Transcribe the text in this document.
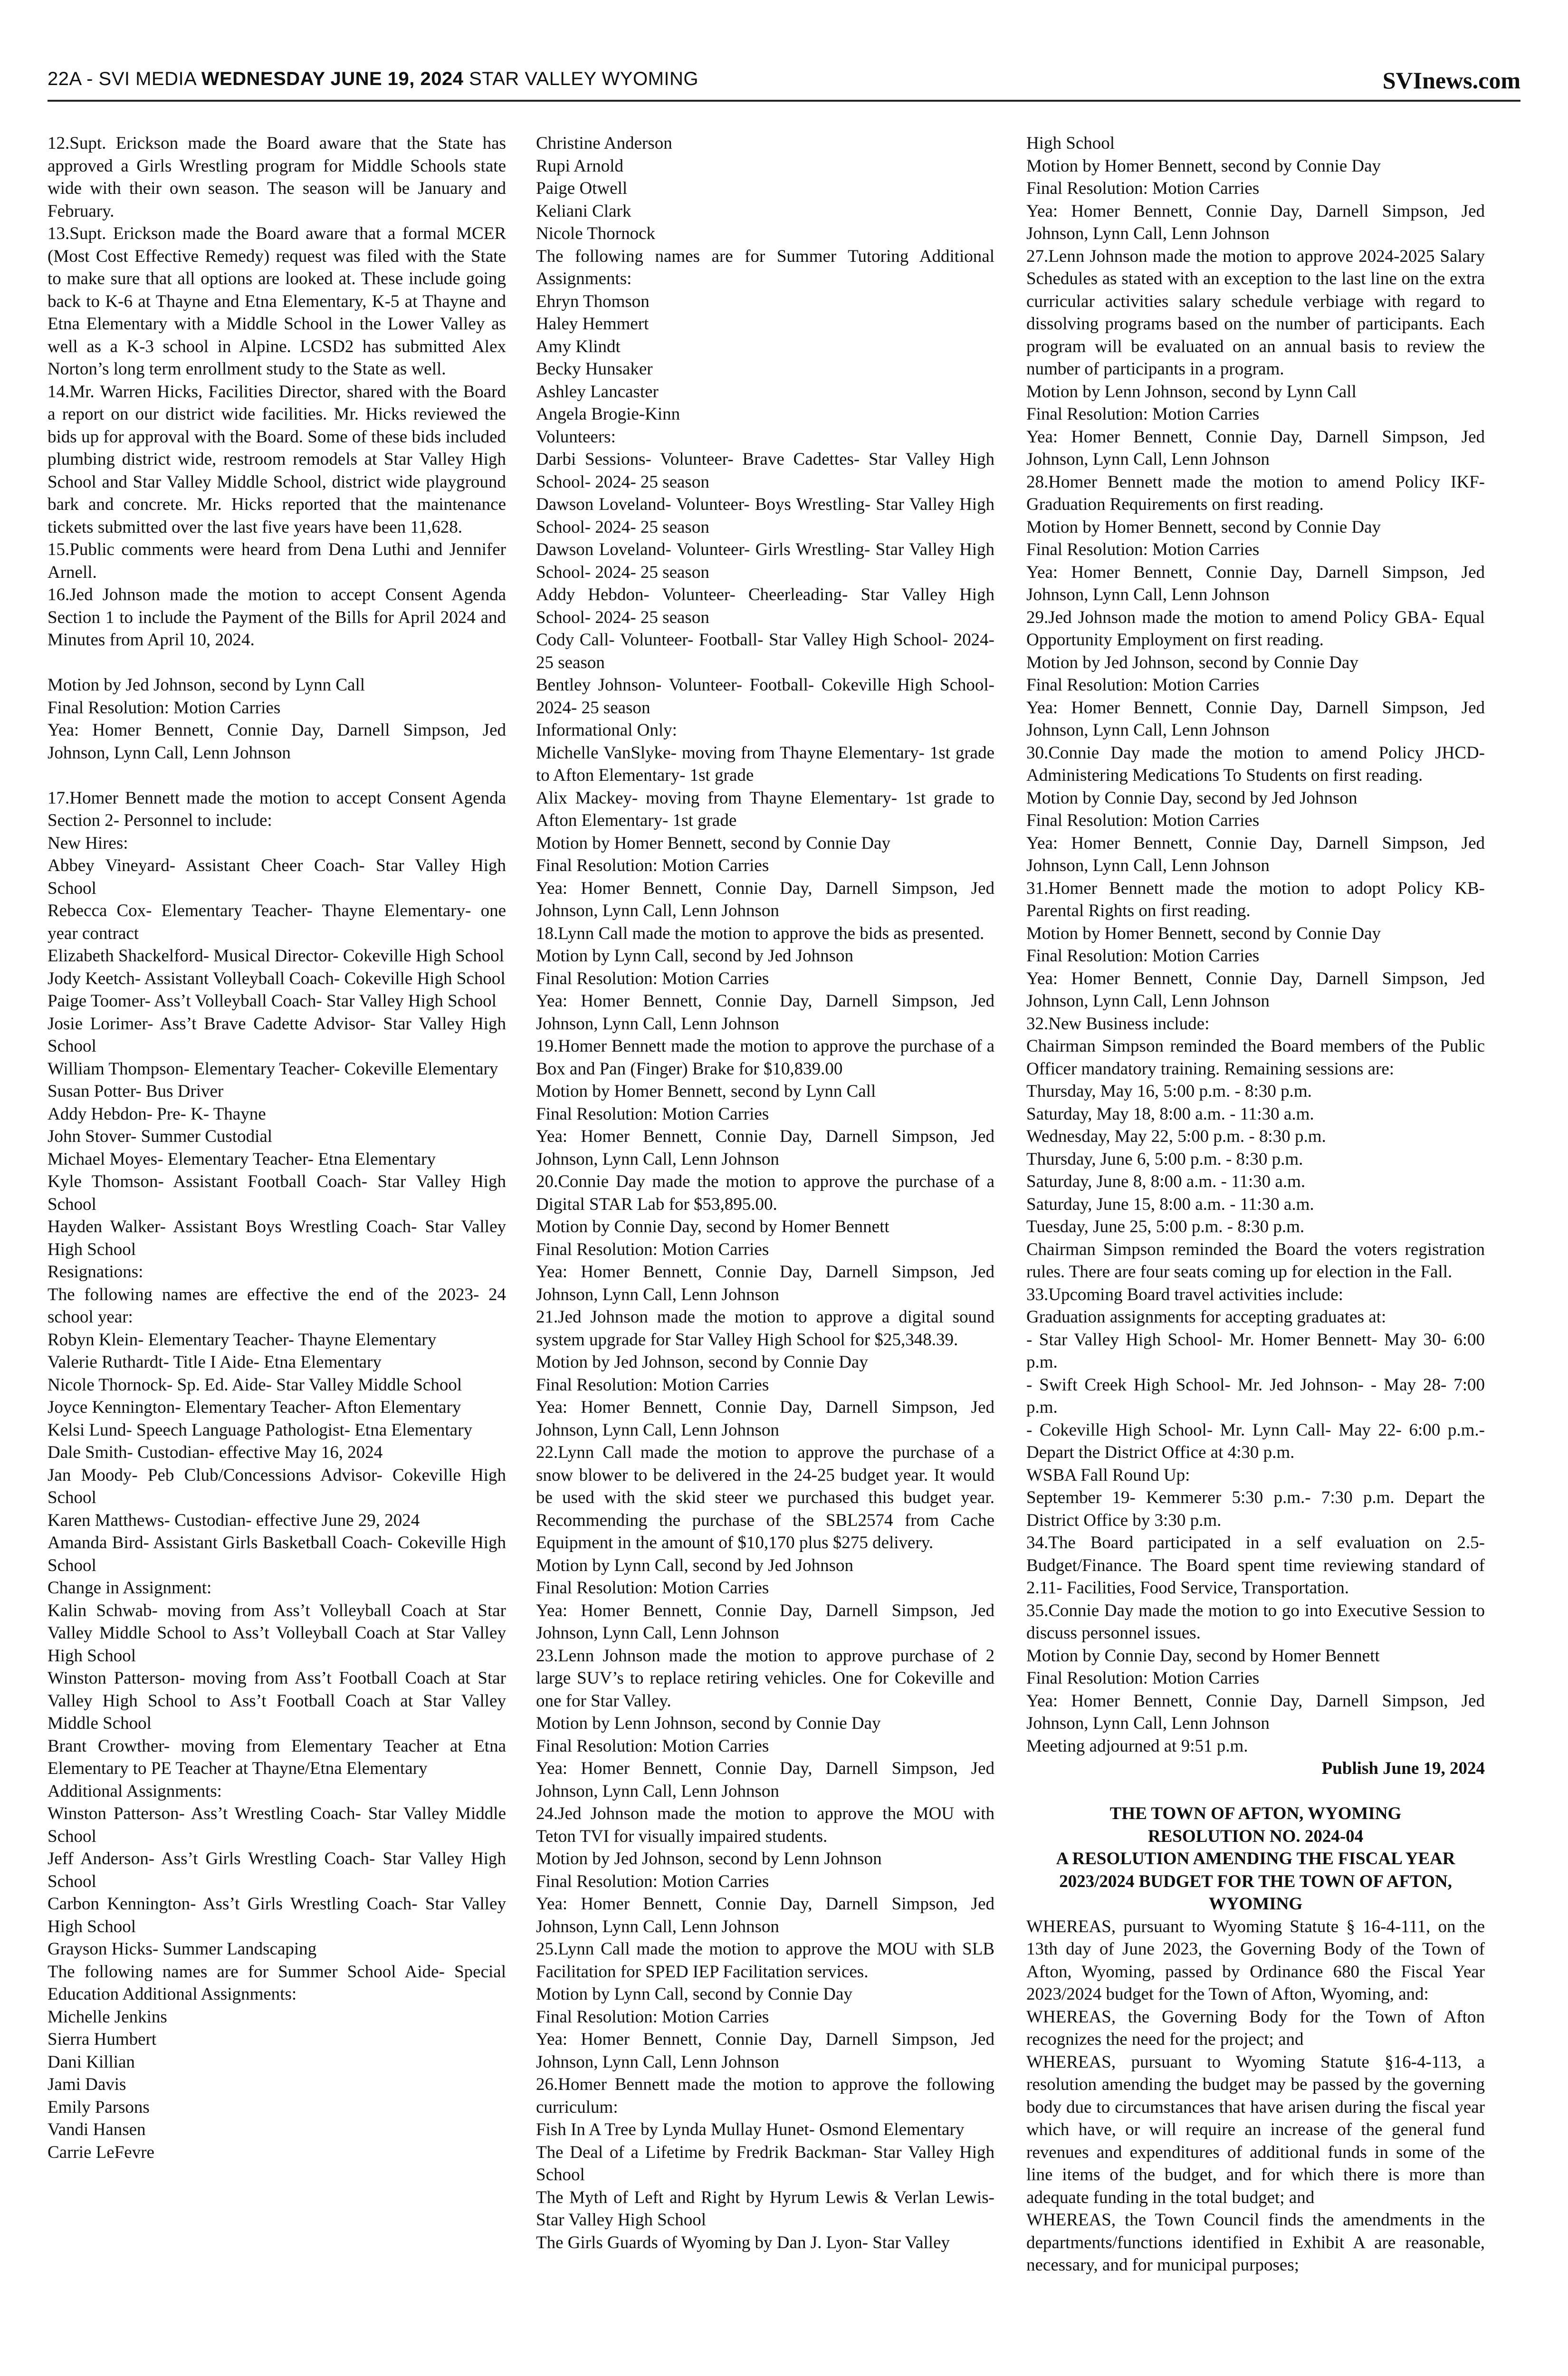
22A - SVI MEDIA WEDNESDAY JUNE 19, 2024 STAR VALLEY WYOMING	SVInews.com

12.Supt. Erickson made the Board aware that the State has approved a Girls Wrestling program for Middle Schools state wide with their own season. The season will be January and February.

13.Supt. Erickson made the Board aware that a formal MCER (Most Cost Effective Remedy) request was filed with the State to make sure that all options are looked at. These include going back to K-6 at Thayne and Etna Elementary, K-5 at Thayne and Etna Elementary with a Middle School in the Lower Valley as well as a K-3 school in Alpine. LCSD2 has submitted Alex Norton’s long term enrollment study to the State as well.

14.Mr. Warren Hicks, Facilities Director, shared with the Board a report on our district wide facilities. Mr. Hicks reviewed the bids up for approval with the Board. Some of these bids included plumbing district wide, restroom remodels at Star Valley High School and Star Valley Middle School, district wide playground bark and concrete. Mr. Hicks reported that the maintenance tickets submitted over the last five years have been 11,628.

15.Public comments were heard from Dena Luthi and Jennifer Arnell.

16.Jed Johnson made the motion to accept Consent Agenda Section 1 to include the Payment of the Bills for April 2024 and Minutes from April 10, 2024.

Motion by Jed Johnson, second by Lynn Call

Final Resolution: Motion Carries

Yea: Homer Bennett, Connie Day, Darnell Simpson, Jed Johnson, Lynn Call, Lenn Johnson

17.Homer Bennett made the motion to accept Consent Agenda Section 2- Personnel to include:

New Hires:

Abbey Vineyard- Assistant Cheer Coach- Star Valley High School

Rebecca Cox- Elementary Teacher- Thayne Elementary- one year contract

Elizabeth Shackelford- Musical Director- Cokeville High School

Jody Keetch- Assistant Volleyball Coach- Cokeville High School

Paige Toomer- Ass’t Volleyball Coach- Star Valley High School

Josie Lorimer- Ass’t Brave Cadette Advisor- Star Valley High School

William Thompson- Elementary Teacher- Cokeville Elementary

Susan Potter- Bus Driver

Addy Hebdon- Pre- K- Thayne

John Stover- Summer Custodial

Michael Moyes- Elementary Teacher- Etna Elementary

Kyle Thomson- Assistant Football Coach- Star Valley High School

Hayden Walker- Assistant Boys Wrestling Coach- Star Valley High School

Resignations:

The following names are effective the end of the 2023- 24 school year:

Robyn Klein- Elementary Teacher- Thayne Elementary

Valerie Ruthardt- Title I Aide- Etna Elementary

Nicole Thornock- Sp. Ed. Aide- Star Valley Middle School

Joyce Kennington- Elementary Teacher- Afton Elementary

Kelsi Lund- Speech Language Pathologist- Etna Elementary

Dale Smith- Custodian- effective May 16, 2024

Jan Moody- Peb Club/Concessions Advisor- Cokeville High School

Karen Matthews- Custodian- effective June 29, 2024

Amanda Bird- Assistant Girls Basketball Coach- Cokeville High School

Change in Assignment:

Kalin Schwab- moving from Ass’t Volleyball Coach at Star Valley Middle School to Ass’t Volleyball Coach at Star Valley High School

Winston Patterson- moving from Ass’t Football Coach at Star Valley High School to Ass’t Football Coach at Star Valley Middle School

Brant Crowther- moving from Elementary Teacher at Etna Elementary to PE Teacher at Thayne/Etna Elementary

Additional Assignments:

Winston Patterson- Ass’t Wrestling Coach- Star Valley Middle School

Jeff Anderson- Ass’t Girls Wrestling Coach- Star Valley High School

Carbon Kennington- Ass’t Girls Wrestling Coach- Star Valley High School

Grayson Hicks- Summer Landscaping

The following names are for Summer School Aide- Special Education Additional Assignments:

Michelle Jenkins

Sierra Humbert

Dani Killian

Jami Davis

Emily Parsons

Vandi Hansen

Carrie LeFevre

Christine Anderson

Rupi Arnold

Paige Otwell

Keliani Clark

Nicole Thornock

The following names are for Summer Tutoring Additional Assignments:

Ehryn Thomson

Haley Hemmert

Amy Klindt

Becky Hunsaker

Ashley Lancaster

Angela Brogie-Kinn

Volunteers:

Darbi Sessions- Volunteer- Brave Cadettes- Star Valley High School- 2024- 25 season

Dawson Loveland- Volunteer- Boys Wrestling- Star Valley High School- 2024- 25 season

Dawson Loveland- Volunteer- Girls Wrestling- Star Valley High School- 2024- 25 season

Addy Hebdon- Volunteer- Cheerleading- Star Valley High School- 2024- 25 season

Cody Call- Volunteer- Football- Star Valley High School- 2024- 25 season

Bentley Johnson- Volunteer- Football- Cokeville High School- 2024- 25 season

Informational Only:

Michelle VanSlyke- moving from Thayne Elementary- 1st grade to Afton Elementary- 1st grade

Alix Mackey- moving from Thayne Elementary- 1st grade to Afton Elementary- 1st grade

Motion by Homer Bennett, second by Connie Day

Final Resolution: Motion Carries

Yea: Homer Bennett, Connie Day, Darnell Simpson, Jed Johnson, Lynn Call, Lenn Johnson

18.Lynn Call made the motion to approve the bids as presented.

Motion by Lynn Call, second by Jed Johnson

Final Resolution: Motion Carries

Yea: Homer Bennett, Connie Day, Darnell Simpson, Jed Johnson, Lynn Call, Lenn Johnson

19.Homer Bennett made the motion to approve the purchase of a Box and Pan (Finger) Brake for $10,839.00

Motion by Homer Bennett, second by Lynn Call

Final Resolution: Motion Carries

Yea: Homer Bennett, Connie Day, Darnell Simpson, Jed Johnson, Lynn Call, Lenn Johnson

20.Connie Day made the motion to approve the purchase of a Digital STAR Lab for $53,895.00.

Motion by Connie Day, second by Homer Bennett

Final Resolution: Motion Carries

Yea: Homer Bennett, Connie Day, Darnell Simpson, Jed Johnson, Lynn Call, Lenn Johnson

21.Jed Johnson made the motion to approve a digital sound system upgrade for Star Valley High School for $25,348.39.

Motion by Jed Johnson, second by Connie Day

Final Resolution: Motion Carries

Yea: Homer Bennett, Connie Day, Darnell Simpson, Jed Johnson, Lynn Call, Lenn Johnson

22.Lynn Call made the motion to approve the purchase of a snow blower to be delivered in the 24-25 budget year. It would be used with the skid steer we purchased this budget year. Recommending the purchase of the SBL2574 from Cache Equipment in the amount of $10,170 plus $275 delivery.

Motion by Lynn Call, second by Jed Johnson

Final Resolution: Motion Carries

Yea: Homer Bennett, Connie Day, Darnell Simpson, Jed Johnson, Lynn Call, Lenn Johnson

23.Lenn Johnson made the motion to approve purchase of 2 large SUV’s to replace retiring vehicles. One for Cokeville and one for Star Valley.

Motion by Lenn Johnson, second by Connie Day

Final Resolution: Motion Carries

Yea: Homer Bennett, Connie Day, Darnell Simpson, Jed Johnson, Lynn Call, Lenn Johnson

24.Jed Johnson made the motion to approve the MOU with Teton TVI for visually impaired students.

Motion by Jed Johnson, second by Lenn Johnson

Final Resolution: Motion Carries

Yea: Homer Bennett, Connie Day, Darnell Simpson, Jed Johnson, Lynn Call, Lenn Johnson

25.Lynn Call made the motion to approve the MOU with SLB Facilitation for SPED IEP Facilitation services.

Motion by Lynn Call, second by Connie Day

Final Resolution: Motion Carries

Yea: Homer Bennett, Connie Day, Darnell Simpson, Jed Johnson, Lynn Call, Lenn Johnson

26.Homer Bennett made the motion to approve the following curriculum:

Fish In A Tree by Lynda Mullay Hunet- Osmond Elementary

The Deal of a Lifetime by Fredrik Backman- Star Valley High School

The Myth of Left and Right by Hyrum Lewis & Verlan Lewis- Star Valley High School

The Girls Guards of Wyoming by Dan J. Lyon- Star Valley

High School

Motion by Homer Bennett, second by Connie Day

Final Resolution: Motion Carries

Yea: Homer Bennett, Connie Day, Darnell Simpson, Jed Johnson, Lynn Call, Lenn Johnson

27.Lenn Johnson made the motion to approve 2024-2025 Salary Schedules as stated with an exception to the last line on the extra curricular activities salary schedule verbiage with regard to dissolving programs based on the number of participants. Each program will be evaluated on an annual basis to review the number of participants in a program.

Motion by Lenn Johnson, second by Lynn Call

Final Resolution: Motion Carries

Yea: Homer Bennett, Connie Day, Darnell Simpson, Jed Johnson, Lynn Call, Lenn Johnson

28.Homer Bennett made the motion to amend Policy IKF- Graduation Requirements on first reading.

Motion by Homer Bennett, second by Connie Day

Final Resolution: Motion Carries

Yea: Homer Bennett, Connie Day, Darnell Simpson, Jed Johnson, Lynn Call, Lenn Johnson

29.Jed Johnson made the motion to amend Policy GBA- Equal Opportunity Employment on first reading.

Motion by Jed Johnson, second by Connie Day

Final Resolution: Motion Carries

Yea: Homer Bennett, Connie Day, Darnell Simpson, Jed Johnson, Lynn Call, Lenn Johnson

30.Connie Day made the motion to amend Policy JHCD- Administering Medications To Students on first reading.

Motion by Connie Day, second by Jed Johnson

Final Resolution: Motion Carries

Yea: Homer Bennett, Connie Day, Darnell Simpson, Jed Johnson, Lynn Call, Lenn Johnson

31.Homer Bennett made the motion to adopt Policy KB- Parental Rights on first reading.

Motion by Homer Bennett, second by Connie Day

Final Resolution: Motion Carries

Yea: Homer Bennett, Connie Day, Darnell Simpson, Jed Johnson, Lynn Call, Lenn Johnson

32.New Business include:

Chairman Simpson reminded the Board members of the Public Officer mandatory training. Remaining sessions are:

Thursday, May 16, 5:00 p.m. - 8:30 p.m.

Saturday, May 18, 8:00 a.m. - 11:30 a.m.

Wednesday, May 22, 5:00 p.m. - 8:30 p.m.

Thursday, June 6, 5:00 p.m. - 8:30 p.m.

Saturday, June 8, 8:00 a.m. - 11:30 a.m.

Saturday, June 15, 8:00 a.m. - 11:30 a.m.

Tuesday, June 25, 5:00 p.m. - 8:30 p.m.

Chairman Simpson reminded the Board the voters registration rules. There are four seats coming up for election in the Fall.

33.Upcoming Board travel activities include:

Graduation assignments for accepting graduates at:

- Star Valley High School- Mr. Homer Bennett- May 30- 6:00 p.m.

- Swift Creek High School- Mr. Jed Johnson- - May 28- 7:00 p.m.

- Cokeville High School- Mr. Lynn Call- May 22- 6:00 p.m.- Depart the District Office at 4:30 p.m.

WSBA Fall Round Up:

September 19- Kemmerer 5:30 p.m.- 7:30 p.m. Depart the District Office by 3:30 p.m.

34.The Board participated in a self evaluation on 2.5- Budget/Finance. The Board spent time reviewing standard of 2.11- Facilities, Food Service, Transportation.

35.Connie Day made the motion to go into Executive Session to discuss personnel issues.

Motion by Connie Day, second by Homer Bennett

Final Resolution: Motion Carries

Yea: Homer Bennett, Connie Day, Darnell Simpson, Jed Johnson, Lynn Call, Lenn Johnson

Meeting adjourned at 9:51 p.m.

Publish June 19, 2024

THE TOWN OF AFTON, WYOMING

RESOLUTION NO. 2024-04

A RESOLUTION AMENDING THE FISCAL YEAR 2023/2024 BUDGET FOR THE TOWN OF AFTON, WYOMING

WHEREAS, pursuant to Wyoming Statute § 16-4-111, on the 13th day of June 2023, the Governing Body of the Town of Afton, Wyoming, passed by Ordinance 680 the Fiscal Year 2023/2024 budget for the Town of Afton, Wyoming, and:

WHEREAS, the Governing Body for the Town of Afton recognizes the need for the project; and

WHEREAS, pursuant to Wyoming Statute §16-4-113, a resolution amending the budget may be passed by the governing body due to circumstances that have arisen during the fiscal year which have, or will require an increase of the general fund revenues and expenditures of additional funds in some of the line items of the budget, and for which there is more than adequate funding in the total budget; and

WHEREAS, the Town Council finds the amendments in the departments/functions identified in Exhibit A are reasonable, necessary, and for municipal purposes;
